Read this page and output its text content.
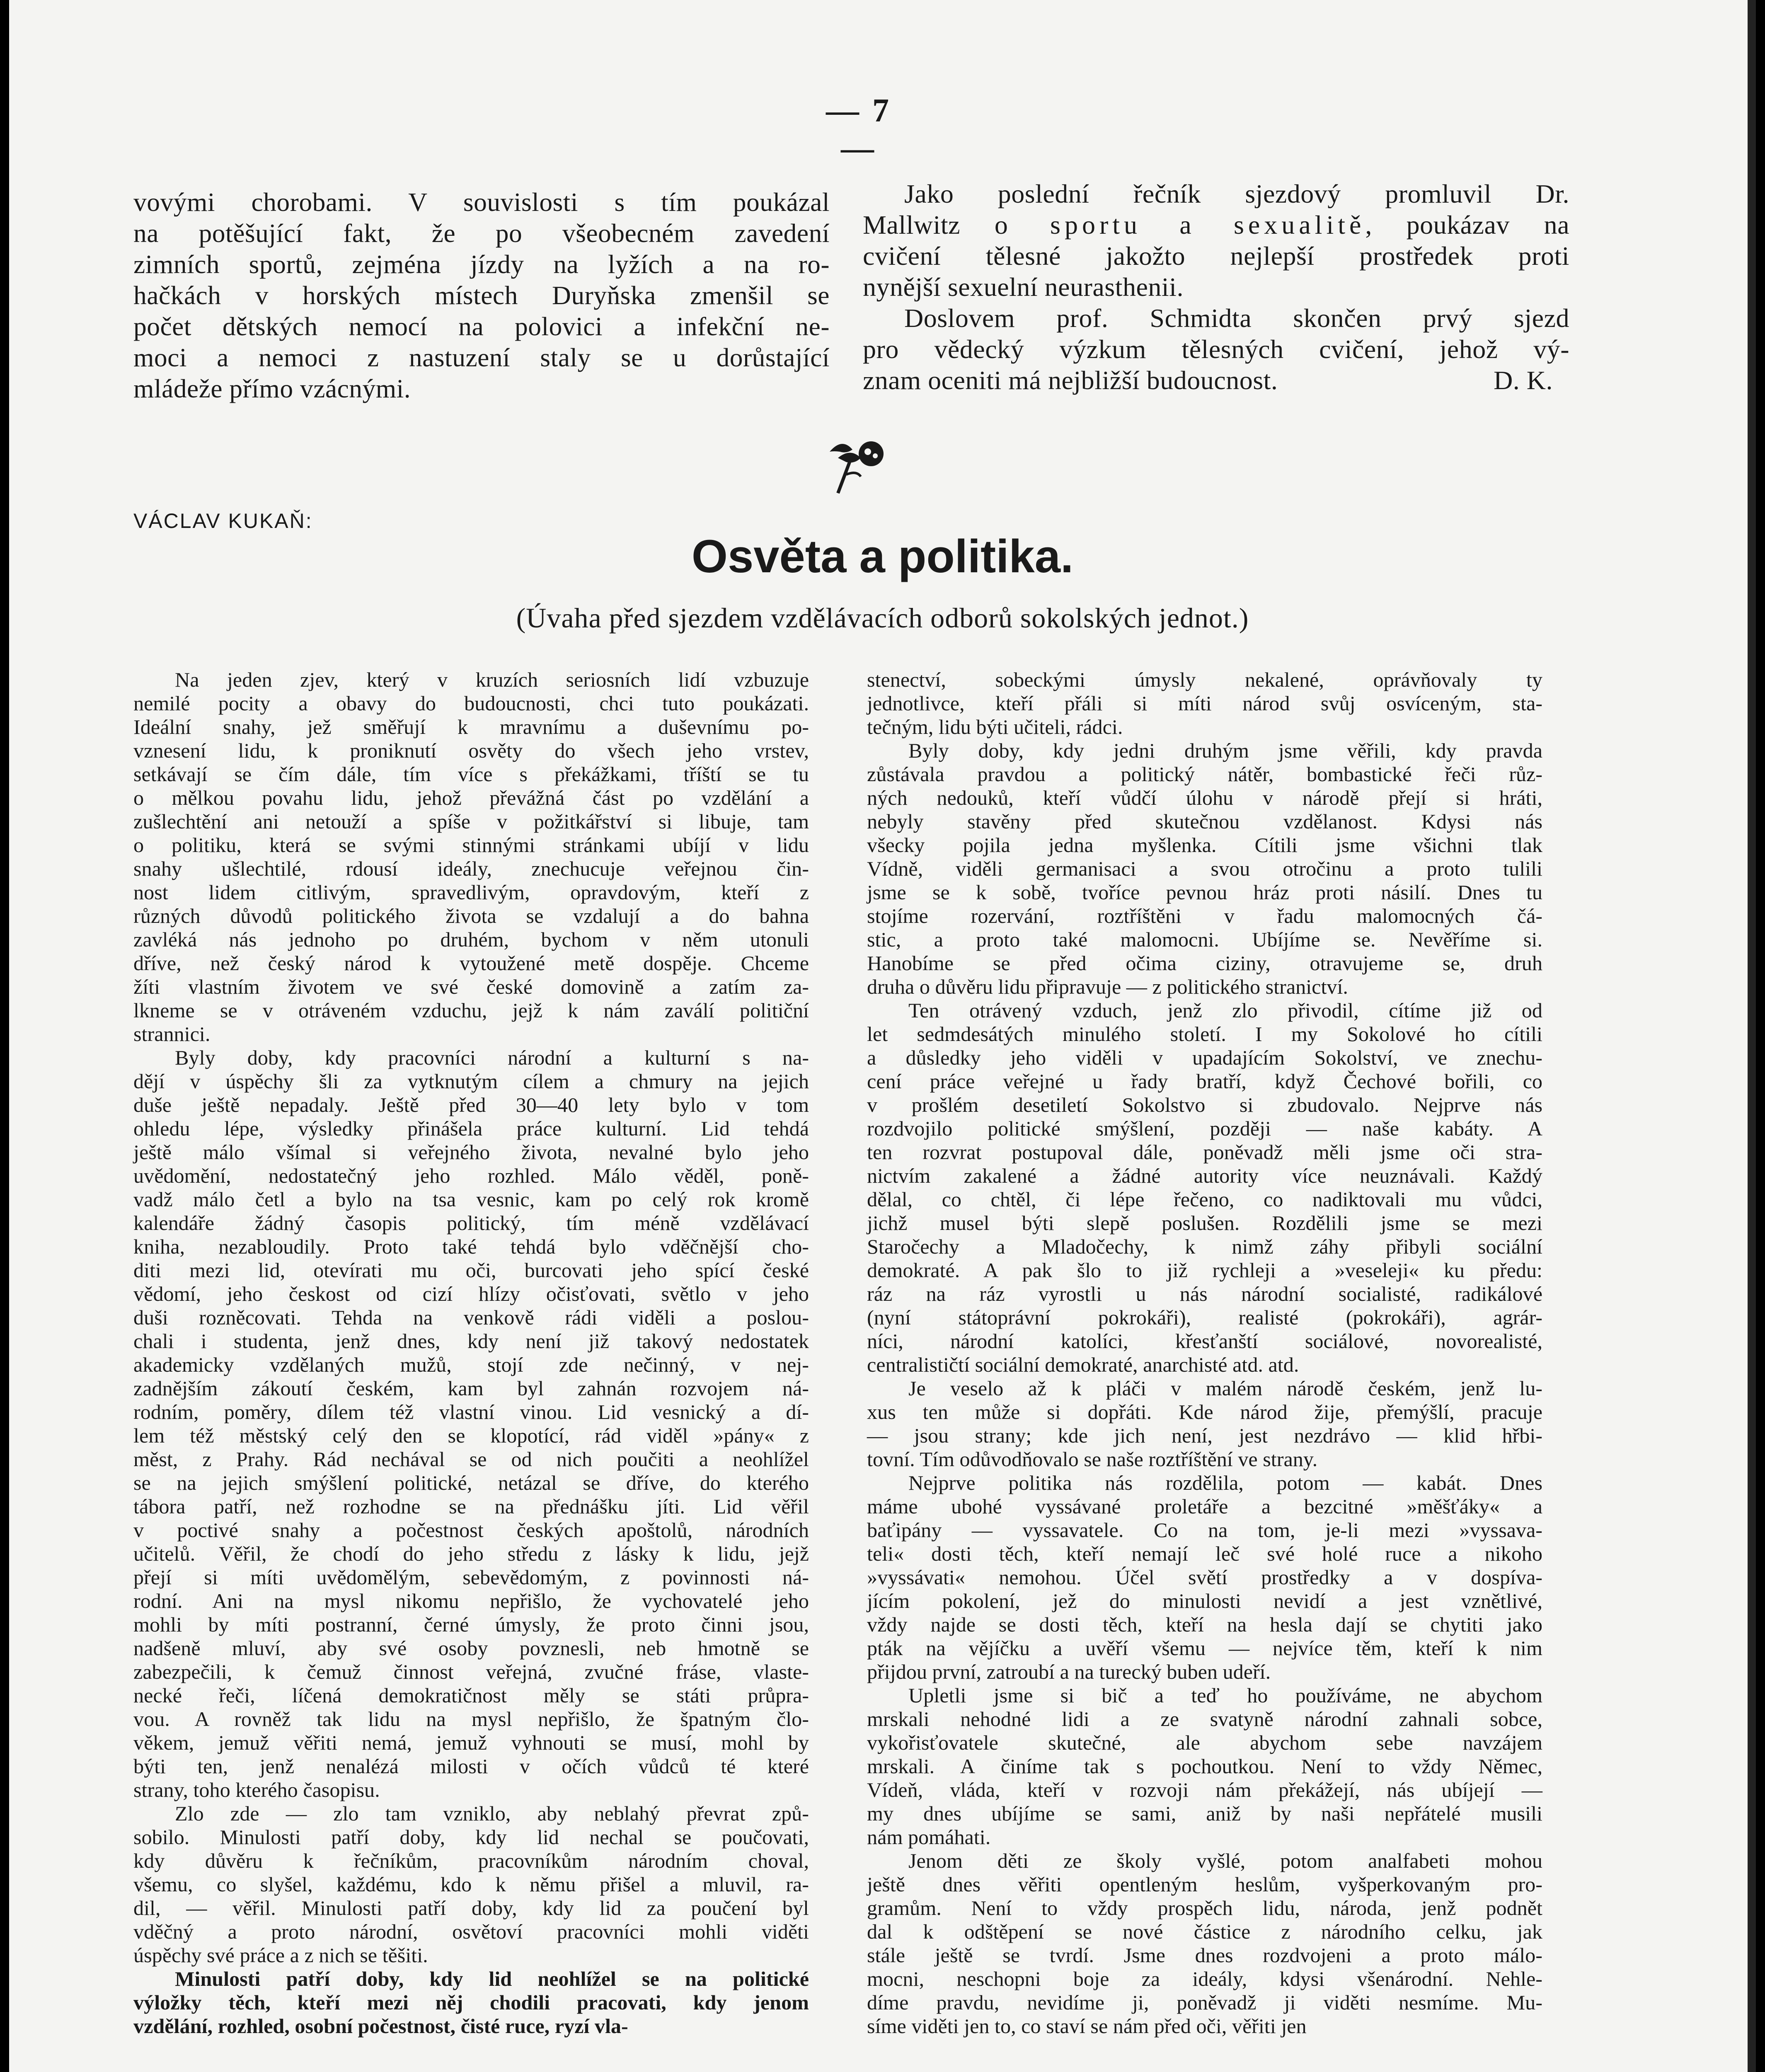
— 7 —
vovými chorobami. V souvislosti s tím poukázal
na potěšující fakt, že po všeobecném zavedení
zimních sportů, zejména jízdy na lyžích a na ro-
hačkách v horských místech Duryňska zmenšil se
počet dětských nemocí na polovici a infekční ne-
moci a nemoci z nastuzení staly se u dorůstající
mládeže přímo vzácnými.
Jako poslední řečník sjezdový promluvil Dr.
Mallwitz o sportu a sexualitě, poukázav na
cvičení tělesné jakožto nejlepší prostředek proti
nynější sexuelní neurasthenii.
Doslovem prof. Schmidta skončen prvý sjezd
pro vědecký výzkum tělesných cvičení, jehož vý-
znam oceniti má nejbližší budoucnost.	D. K.
VÁCLAV KUKAŇ:
Osvěta a politika.
(Úvaha před sjezdem vzdělávacích odborů sokolských jednot.)
Na jeden zjev, který v kruzích seriosních lidí vzbuzuje
nemilé pocity a obavy do budoucnosti, chci tuto poukázati.
Ideální snahy, jež směřují k mravnímu a duševnímu po-
vznesení lidu, k proniknutí osvěty do všech jeho vrstev,
setkávají se čím dále, tím více s překážkami, tříští se tu
o mělkou povahu lidu, jehož převážná část po vzdělání a
zušlechtění ani netouží a spíše v požitkářství si libuje, tam
o politiku, která se svými stinnými stránkami ubíjí v lidu
snahy ušlechtilé, rdousí ideály, znechucuje veřejnou čin-
nost lidem citlivým, spravedlivým, opravdovým, kteří z
různých důvodů politického života se vzdalují a do bahna
zavléká nás jednoho po druhém, bychom v něm utonuli
dříve, než český národ k vytoužené metě dospěje. Chceme
žíti vlastním životem ve své české domovině a zatím za-
lkneme se v otráveném vzduchu, jejž k nám zaválí političní
strannici.
Byly doby, kdy pracovníci národní a kulturní s na-
dějí v úspěchy šli za vytknutým cílem a chmury na jejich
duše ještě nepadaly. Ještě před 30—40 lety bylo v tom
ohledu lépe, výsledky přinášela práce kulturní. Lid tehdá
ještě málo všímal si veřejného života, nevalné bylo jeho
uvědomění, nedostatečný jeho rozhled. Málo věděl, poně-
vadž málo četl a bylo na tsa vesnic, kam po celý rok kromě
kalendáře žádný časopis politický, tím méně vzdělávací
kniha, nezabloudily. Proto také tehdá bylo vděčnější cho-
diti mezi lid, otevírati mu oči, burcovati jeho spící české
vědomí, jeho českost od cizí hlízy očisťovati, světlo v jeho
duši rozněcovati. Tehda na venkově rádi viděli a poslou-
chali i studenta, jenž dnes, kdy není již takový nedostatek
akademicky vzdělaných mužů, stojí zde nečinný, v nej-
zadnějším zákoutí českém, kam byl zahnán rozvojem ná-
rodním, poměry, dílem též vlastní vinou. Lid vesnický a dí-
lem též městský celý den se klopotící, rád viděl »pány« z
měst, z Prahy. Rád nechával se od nich poučiti a neohlížel
se na jejich smýšlení politické, netázal se dříve, do kterého
tábora patří, než rozhodne se na přednášku jíti. Lid věřil
v poctivé snahy a počestnost českých apoštolů, národních
učitelů. Věřil, že chodí do jeho středu z lásky k lidu, jejž
přejí si míti uvědomělým, sebevědomým, z povinnosti ná-
rodní. Ani na mysl nikomu nepřišlo, že vychovatelé jeho
mohli by míti postranní, černé úmysly, že proto činni jsou,
nadšeně mluví, aby své osoby povznesli, neb hmotně se
zabezpečili, k čemuž činnost veřejná, zvučné fráse, vlaste-
necké řeči, líčená demokratičnost měly se státi průpra-
vou. A rovněž tak lidu na mysl nepřišlo, že špatným člo-
věkem, jemuž věřiti nemá, jemuž vyhnouti se musí, mohl by
býti ten, jenž nenalézá milosti v očích vůdců té které
strany, toho kterého časopisu.
Zlo zde — zlo tam vzniklo, aby neblahý převrat způ-
sobilo. Minulosti patří doby, kdy lid nechal se poučovati,
kdy důvěru k řečníkům, pracovníkům národním choval,
všemu, co slyšel, každému, kdo k němu přišel a mluvil, ra-
dil, — věřil. Minulosti patří doby, kdy lid za poučení byl
vděčný a proto národní, osvětoví pracovníci mohli viděti
úspěchy své práce a z nich se těšiti.
Minulosti patří doby, kdy lid neohlížel se na politické
výložky těch, kteří mezi něj chodili pracovati, kdy jenom
vzdělání, rozhled, osobní počestnost, čisté ruce, ryzí vla-
stenectví, sobeckými úmysly nekalené, oprávňovaly ty
jednotlivce, kteří přáli si míti národ svůj osvíceným, sta-
tečným, lidu býti učiteli, rádci.
Byly doby, kdy jedni druhým jsme věřili, kdy pravda
zůstávala pravdou a politický nátěr, bombastické řeči růz-
ných nedouků, kteří vůdčí úlohu v národě přejí si hráti,
nebyly stavěny před skutečnou vzdělanost. Kdysi nás
všecky pojila jedna myšlenka. Cítili jsme všichni tlak
Vídně, viděli germanisaci a svou otročinu a proto tulili
jsme se k sobě, tvoříce pevnou hráz proti násilí. Dnes tu
stojíme rozervání, roztříštěni v řadu malomocných čá-
stic, a proto také malomocni. Ubíjíme se. Nevěříme si.
Hanobíme se před očima ciziny, otravujeme se, druh
druha o důvěru lidu připravuje — z politického stranictví.
Ten otrávený vzduch, jenž zlo přivodil, cítíme již od
let sedmdesátých minulého století. I my Sokolové ho cítili
a důsledky jeho viděli v upadajícím Sokolství, ve znechu-
cení práce veřejné u řady bratří, když Čechové bořili, co
v prošlém desetiletí Sokolstvo si zbudovalo. Nejprve nás
rozdvojilo politické smýšlení, později — naše kabáty. A
ten rozvrat postupoval dále, poněvadž měli jsme oči stra-
nictvím zakalené a žádné autority více neuznávali. Každý
dělal, co chtěl, či lépe řečeno, co nadiktovali mu vůdci,
jichž musel býti slepě poslušen. Rozdělili jsme se mezi
Staročechy a Mladočechy, k nimž záhy přibyli sociální
demokraté. A pak šlo to již rychleji a »veseleji« ku předu:
ráz na ráz vyrostli u nás národní socialisté, radikálové
(nyní státoprávní pokrokáři), realisté (pokrokáři), agrár-
níci, národní katolíci, křesťanští sociálové, novorealisté,
centralističtí sociální demokraté, anarchisté atd. atd.
Je veselo až k pláči v malém národě českém, jenž lu-
xus ten může si dopřáti. Kde národ žije, přemýšlí, pracuje
— jsou strany; kde jich není, jest nezdrávo — klid hřbi-
tovní. Tím odůvodňovalo se naše roztříštění ve strany.
Nejprve politika nás rozdělila, potom — kabát. Dnes
máme ubohé vyssávané proletáře a bezcitné »měšťáky« a
baťipány — vyssavatele. Co na tom, je-li mezi »vyssava-
teli« dosti těch, kteří nemají leč své holé ruce a nikoho
»vyssávati« nemohou. Účel světí prostředky a v dospíva-
jícím pokolení, jež do minulosti nevidí a jest vznětlivé,
vždy najde se dosti těch, kteří na hesla dají se chytiti jako
pták na vějíčku a uvěří všemu — nejvíce těm, kteří k nim
přijdou první, zatroubí a na turecký buben udeří.
Upletli jsme si bič a teď ho používáme, ne abychom
mrskali nehodné lidi a ze svatyně národní zahnali sobce,
vykořisťovatele skutečné, ale abychom sebe navzájem
mrskali. A činíme tak s pochoutkou. Není to vždy Němec,
Vídeň, vláda, kteří v rozvoji nám překážejí, nás ubíjejí —
my dnes ubíjíme se sami, aniž by naši nepřátelé musili
nám pomáhati.
Jenom děti ze školy vyšlé, potom analfabeti mohou
ještě dnes věřiti opentleným heslům, vyšperkovaným pro-
gramům. Není to vždy prospěch lidu, národa, jenž podnět
dal k odštěpení se nové částice z národního celku, jak
stále ještě se tvrdí. Jsme dnes rozdvojeni a proto málo-
mocni, neschopni boje za ideály, kdysi všenárodní. Nehle-
díme pravdu, nevidíme ji, poněvadž ji viděti nesmíme. Mu-
síme viděti jen to, co staví se nám před oči, věřiti jen
